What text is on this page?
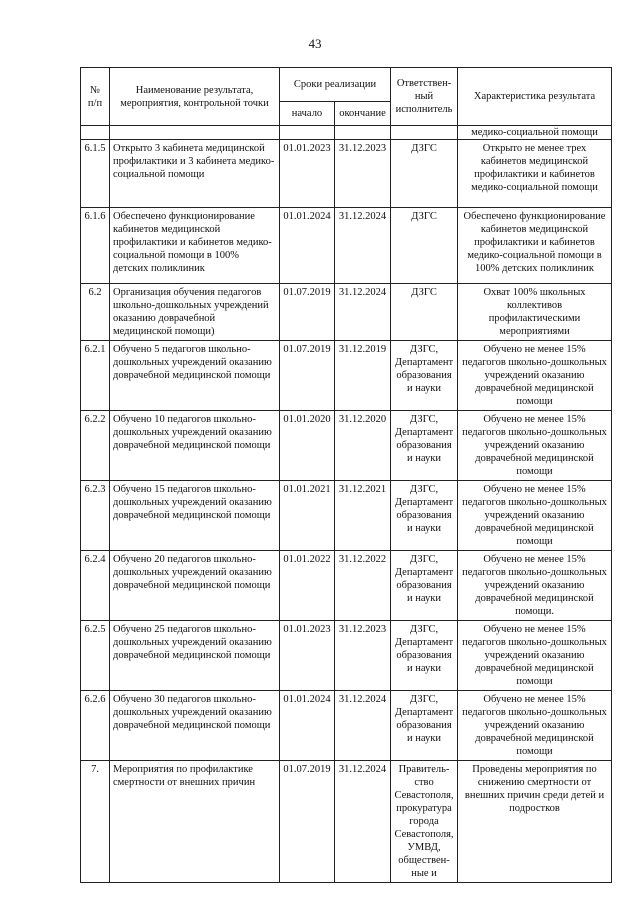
43
№
п/п	Наименование результата, мероприятия, контрольной точки	Сроки реализации		Ответствен-ный исполнитель	Характеристика результата
		начало	окончание		
					медико-социальной помощи
6.1.5	Открыто 3 кабинета медицинской профилактики и 3 кабинета медико-социальной помощи	01.01.2023	31.12.2023	ДЗГС	Открыто не менее трех кабинетов медицинской профилактики и кабинетов медико-социальной помощи
6.1.6	Обеспечено функционирование кабинетов медицинской профилактики и кабинетов медико-социальной помощи в 100% детских поликлиник	01.01.2024	31.12.2024	ДЗГС	Обеспечено функционирование кабинетов медицинской профилактики и кабинетов медико-социальной помощи в 100% детских поликлиник
6.2	Организация обучения педагогов школьно-дошкольных учреждений оказанию доврачебной медицинской помощи)	01.07.2019	31.12.2024	ДЗГС	Охват 100% школьных коллективов профилактическими мероприятиями
6.2.1	Обучено 5 педагогов школьно-дошкольных учреждений оказанию доврачебной медицинской помощи	01.07.2019	31.12.2019	ДЗГС, Департамент образования и науки	Обучено не менее 15% педагогов школьно-дошкольных учреждений оказанию доврачебной медицинской помощи
6.2.2	Обучено 10 педагогов школьно-дошкольных учреждений оказанию доврачебной медицинской помощи	01.01.2020	31.12.2020	ДЗГС, Департамент образования и науки	Обучено не менее 15% педагогов школьно-дошкольных учреждений оказанию доврачебной медицинской помощи
6.2.3	Обучено 15 педагогов школьно-дошкольных учреждений оказанию доврачебной медицинской помощи	01.01.2021	31.12.2021	ДЗГС, Департамент образования и науки	Обучено не менее 15% педагогов школьно-дошкольных учреждений оказанию доврачебной медицинской помощи
6.2.4	Обучено 20 педагогов школьно-дошкольных учреждений оказанию доврачебной медицинской помощи	01.01.2022	31.12.2022	ДЗГС, Департамент образования и науки	Обучено не менее 15% педагогов школьно-дошкольных учреждений оказанию доврачебной медицинской помощи.
6.2.5	Обучено 25 педагогов школьно-дошкольных учреждений оказанию доврачебной медицинской помощи	01.01.2023	31.12.2023	ДЗГС, Департамент образования и науки	Обучено не менее 15% педагогов школьно-дошкольных учреждений оказанию доврачебной медицинской помощи
6.2.6	Обучено 30 педагогов школьно-дошкольных учреждений оказанию доврачебной медицинской помощи	01.01.2024	31.12.2024	ДЗГС, Департамент образования и науки	Обучено не менее 15% педагогов школьно-дошкольных учреждений оказанию доврачебной медицинской помощи
7.	Мероприятия по профилактике смертности от внешних причин	01.07.2019	31.12.2024	Правитель-ство Севастополя, прокуратура города Севастополя, УМВД, обществен-ные и	Проведены мероприятия по снижению смертности от внешних причин среди детей и подростков
